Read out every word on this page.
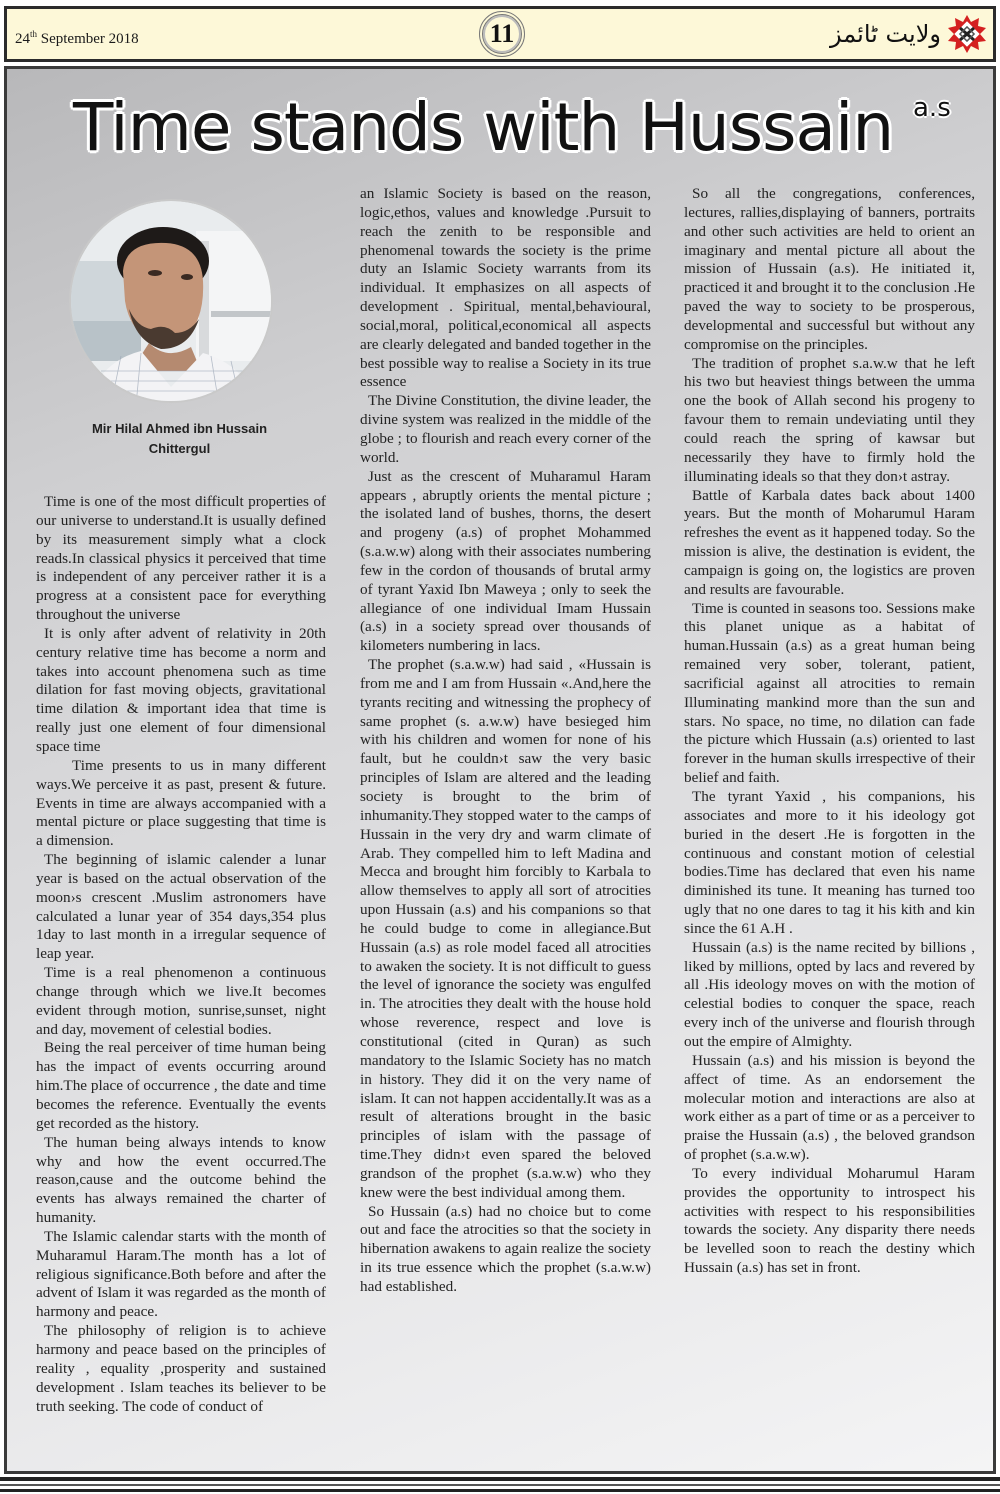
24th September 2018	11	ولایت ٹائمز
Time stands with Hussain a.s
Mir Hilal Ahmed ibn Hussain
Chittergul

Time is one of the most difficult properties of our universe to understand.It is usually defined by its measurement simply what a clock reads.In classical physics it perceived that time is independent of any perceiver rather it is a progress at a consistent pace for everything throughout the universe

It is only after advent of relativity in 20th century relative time has become a norm and takes into account phenomena such as time dilation for fast moving objects, gravitational time dilation & important idea that time is really just one element of four dimensional space time

Time presents to us in many different ways.We perceive it as past, present & future. Events in time are always accompanied with a mental picture or place suggesting that time is a dimension.

The beginning of islamic calender a lunar year is based on the actual observation of the moon›s crescent .Muslim astronomers have calculated a lunar year of 354 days,354 plus 1day to last month in a irregular sequence of leap year.

Time is a real phenomenon a continuous change through which we live.It becomes evident through motion, sunrise,sunset, night and day, movement of celestial bodies.

Being the real perceiver of time human being has the impact of events occurring around him.The place of occurrence , the date and time becomes the reference. Eventually the events get recorded as the history.

The human being always intends to know why and how the event occurred.The reason,cause and the outcome behind the events has always remained the charter of humanity.

The Islamic calendar starts with the month of Muharamul Haram.The month has a lot of religious significance.Both before and after the advent of Islam it was regarded as the month of harmony and peace.

The philosophy of religion is to achieve harmony and peace based on the principles of reality , equality ,prosperity and sustained development . Islam teaches its believer to be truth seeking. The code of conduct of

an Islamic Society is based on the reason, logic,ethos, values and knowledge .Pursuit to reach the zenith to be responsible and phenomenal towards the society is the prime duty an Islamic Society warrants from its individual. It emphasizes on all aspects of development . Spiritual, mental,behavioural, social,moral, political,economical all aspects are clearly delegated and banded together in the best possible way to realise a Society in its true essence

The Divine Constitution, the divine leader, the divine system was realized in the middle of the globe ; to flourish and reach every corner of the world.

Just as the crescent of Muharamul Haram appears , abruptly orients the mental picture ; the isolated land of bushes, thorns, the desert and progeny (a.s) of prophet Mohammed (s.a.w.w) along with their associates numbering few in the cordon of thousands of brutal army of tyrant Yaxid Ibn Maweya ; only to seek the allegiance of one individual Imam Hussain (a.s) in a society spread over thousands of kilometers numbering in lacs.

The prophet (s.a.w.w) had said , «Hussain is from me and I am from Hussain «.And,here the tyrants reciting and witnessing the prophecy of same prophet (s. a.w.w) have besieged him with his children and women for none of his fault, but he couldn›t saw the very basic principles of Islam are altered and the leading society is brought to the brim of inhumanity.They stopped water to the camps of Hussain in the very dry and warm climate of Arab. They compelled him to left Madina and Mecca and brought him forcibly to Karbala to allow themselves to apply all sort of atrocities upon Hussain (a.s) and his companions so that he could budge to come in allegiance.But Hussain (a.s) as role model faced all atrocities to awaken the society. It is not difficult to guess the level of ignorance the society was engulfed in. The atrocities they dealt with the house hold whose reverence, respect and love is constitutional (cited in Quran) as such mandatory to the Islamic Society has no match in history. They did it on the very name of islam. It can not happen accidentally.It was as a result of alterations brought in the basic principles of islam with the passage of time.They didn›t even spared the beloved grandson of the prophet (s.a.w.w) who they knew were the best individual among them.

So Hussain (a.s) had no choice but to come out and face the atrocities so that the society in hibernation awakens to again realize the society in its true essence which the prophet (s.a.w.w) had established.

So all the congregations, conferences, lectures, rallies,displaying of banners, portraits and other such activities are held to orient an imaginary and mental picture all about the mission of Hussain (a.s). He initiated it, practiced it and brought it to the conclusion .He paved the way to society to be prosperous, developmental and successful but without any compromise on the principles.

The tradition of prophet s.a.w.w that he left his two but heaviest things between the umma one the book of Allah second his progeny to favour them to remain undeviating until they could reach the spring of kawsar but necessarily they have to firmly hold the illuminating ideals so that they don›t astray.

Battle of Karbala dates back about 1400 years. But the month of Moharumul Haram refreshes the event as it happened today. So the mission is alive, the destination is evident, the campaign is going on, the logistics are proven and results are favourable.

Time is counted in seasons too. Sessions make this planet unique as a habitat of human.Hussain (a.s) as a great human being remained very sober, tolerant, patient, sacrificial against all atrocities to remain Illuminating mankind more than the sun and stars. No space, no time, no dilation can fade the picture which Hussain (a.s) oriented to last forever in the human skulls irrespective of their belief and faith.

The tyrant Yaxid , his companions, his associates and more to it his ideology got buried in the desert .He is forgotten in the continuous and constant motion of celestial bodies.Time has declared that even his name diminished its tune. It meaning has turned too ugly that no one dares to tag it his kith and kin since the 61 A.H .

Hussain (a.s) is the name recited by billions , liked by millions, opted by lacs and revered by all .His ideology moves on with the motion of celestial bodies to conquer the space, reach every inch of the universe and flourish through out the empire of Almighty.

Hussain (a.s) and his mission is beyond the affect of time. As an endorsement the molecular motion and interactions are also at work either as a part of time or as a perceiver to praise the Hussain (a.s) , the beloved grandson of prophet (s.a.w.w).

To every individual Moharumul Haram provides the opportunity to introspect his activities with respect to his responsibilities towards the society. Any disparity there needs be levelled soon to reach the destiny which Hussain (a.s) has set in front.
